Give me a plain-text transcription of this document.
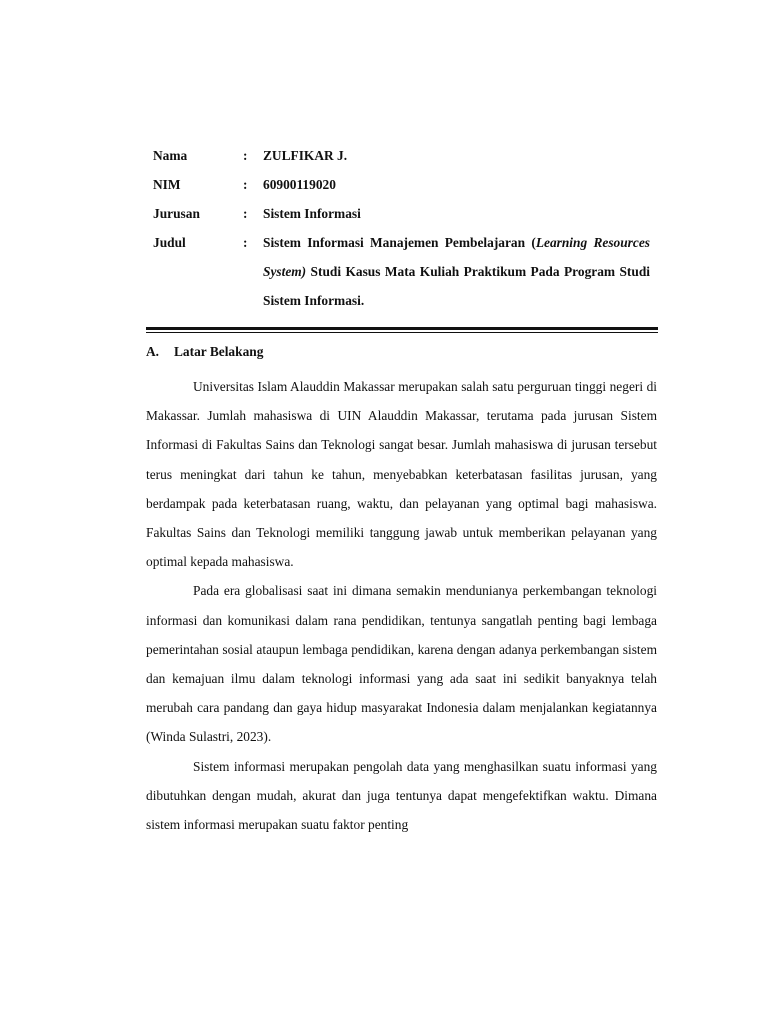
Nama	:	ZULFIKAR J.
NIM	:	60900119020
Jurusan	:	Sistem Informasi
Judul	:	Sistem Informasi Manajemen Pembelajaran (Learning Resources System) Studi Kasus Mata Kuliah Praktikum Pada Program Studi Sistem Informasi.
A. Latar Belakang

Universitas Islam Alauddin Makassar merupakan salah satu perguruan tinggi negeri di Makassar. Jumlah mahasiswa di UIN Alauddin Makassar, terutama pada jurusan Sistem Informasi di Fakultas Sains dan Teknologi sangat besar. Jumlah mahasiswa di jurusan tersebut terus meningkat dari tahun ke tahun, menyebabkan keterbatasan fasilitas jurusan, yang berdampak pada keterbatasan ruang, waktu, dan pelayanan yang optimal bagi mahasiswa. Fakultas Sains dan Teknologi memiliki tanggung jawab untuk memberikan pelayanan yang optimal kepada mahasiswa.

Pada era globalisasi saat ini dimana semakin mendunianya perkembangan teknologi informasi dan komunikasi dalam rana pendidikan, tentunya sangatlah penting bagi lembaga pemerintahan sosial ataupun lembaga pendidikan, karena dengan adanya perkembangan sistem dan kemajuan ilmu dalam teknologi informasi yang ada saat ini sedikit banyaknya telah merubah cara pandang dan gaya hidup masyarakat Indonesia dalam menjalankan kegiatannya (Winda Sulastri, 2023).

Sistem informasi merupakan pengolah data yang menghasilkan suatu informasi yang dibutuhkan dengan mudah, akurat dan juga tentunya dapat mengefektifkan waktu. Dimana sistem informasi merupakan suatu faktor penting
